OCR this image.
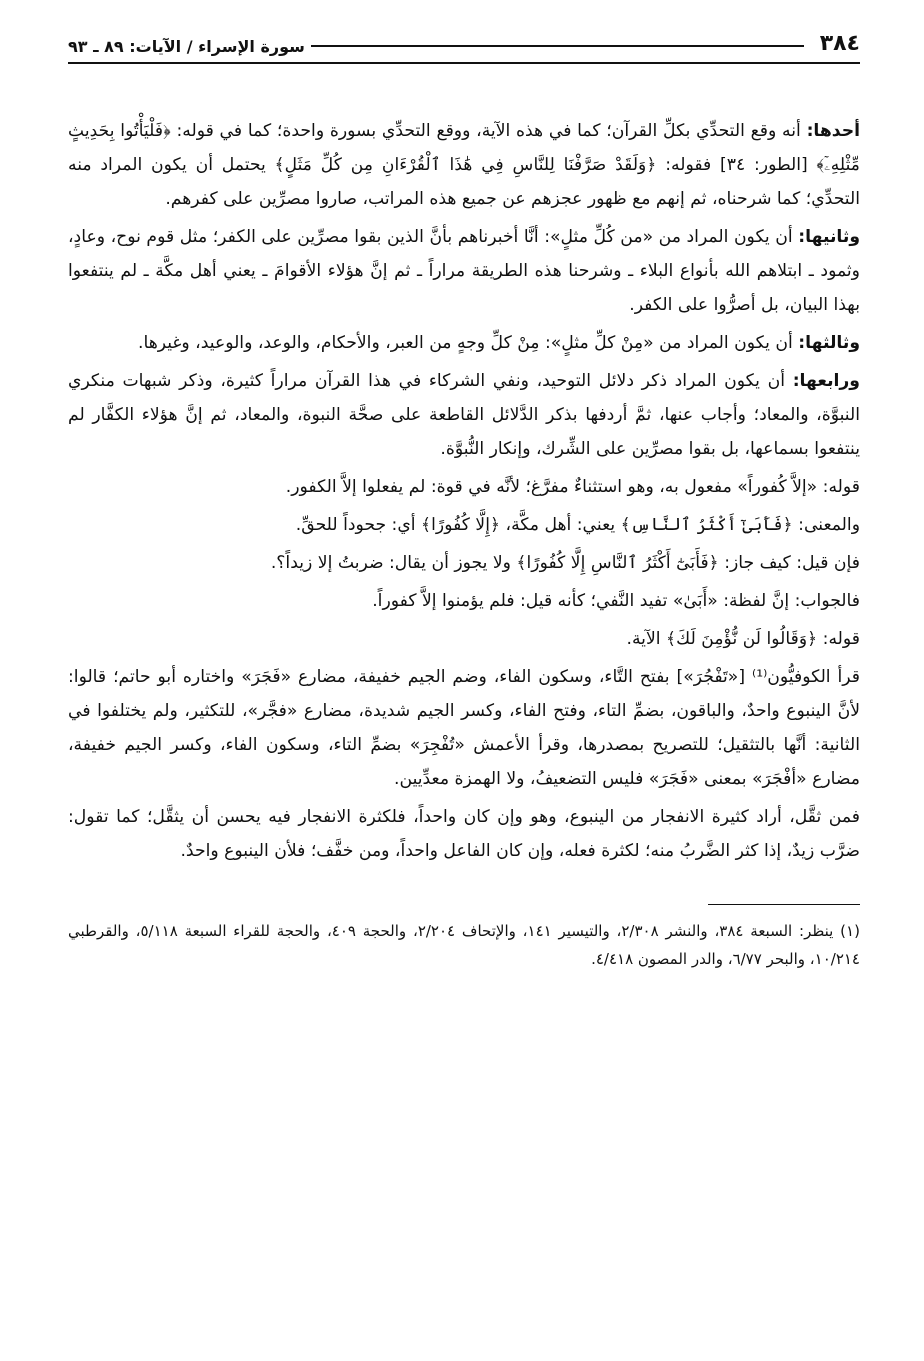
٣٨٤
سورة الإسراء / الآيات: ٨٩ ـ ٩٣

أحدها: أنه وقع التحدِّي بكلِّ القرآن؛ كما في هذه الآية، ووقع التحدِّي بسورة واحدة؛ كما في قوله: ﴿فَلْيَأْتُوا بِحَدِيثٍ مِّثْلِهِۦٓ﴾ [الطور: ٣٤] فقوله: ﴿وَلَقَدْ صَرَّفْنَا لِلنَّاسِ فِي هَٰذَا ٱلْقُرْءَانِ مِن كُلِّ مَثَلٍ﴾ يحتمل أن يكون المراد منه التحدِّي؛ كما شرحناه، ثم إنهم مع ظهور عجزهم عن جميع هذه المراتب، صاروا مصرِّين على كفرهم.

وثانيها: أن يكون المراد من «من كُلِّ مثلٍ»: أنَّا أخبرناهم بأنَّ الذين بقوا مصرِّين على الكفر؛ مثل قوم نوح، وعادٍ، وثمود ـ ابتلاهم الله بأنواع البلاء ـ وشرحنا هذه الطريقة مراراً ـ ثم إنَّ هؤلاء الأقوامَ ـ يعني أهل مكَّة ـ لم ينتفعوا بهذا البيان، بل أصرُّوا على الكفر.

وثالثها: أن يكون المراد من «مِنْ كلِّ مثلٍ»: مِنْ كلِّ وجهٍ من العبر، والأحكام، والوعد، والوعيد، وغيرها.

ورابعها: أن يكون المراد ذكر دلائل التوحيد، ونفي الشركاء في هذا القرآن مراراً كثيرة، وذكر شبهات منكري النبوَّة، والمعاد؛ وأجاب عنها، ثمَّ أردفها بذكر الدَّلائل القاطعة على صحَّة النبوة، والمعاد، ثم إنَّ هؤلاء الكفَّار لم ينتفعوا بسماعها، بل بقوا مصرِّين على الشِّرك، وإنكار النُّبوَّة.

قوله: «إلاَّ كُفوراً» مفعول به، وهو استثناءٌ مفرَّغ؛ لأنَّه في قوة: لم يفعلوا إلاَّ الكفور.

والمعنى: ﴿فَأَبَىٰٓ أَكْثَرُ ٱلنَّاسِ﴾ يعني: أهل مكَّة، ﴿إِلَّا كُفُورًا﴾ أي: جحوداً للحقِّ.

فإن قيل: كيف جاز: ﴿فَأَبَىٰٓ أَكْثَرُ ٱلنَّاسِ إِلَّا كُفُورًا﴾ ولا يجوز أن يقال: ضربتُ إلا زيداً؟.

فالجواب: إنَّ لفظة: «أَبَىٰ» تفيد النَّفي؛ كأنه قيل: فلم يؤمنوا إلاَّ كفوراً.

قوله: ﴿وَقَالُوا لَن نُّؤْمِنَ لَكَ﴾ الآية.

قرأ الكوفيُّون⁽¹⁾ [«تَفْجُرَ»] بفتح التَّاء، وسكون الفاء، وضم الجيم خفيفة، مضارع «فَجَرَ» واختاره أبو حاتم؛ قالوا: لأنَّ الينبوع واحدٌ، والباقون، بضمِّ التاء، وفتح الفاء، وكسر الجيم شديدة، مضارع «فجَّر»، للتكثير، ولم يختلفوا في الثانية: أنَّها بالتثقيل؛ للتصريح بمصدرها، وقرأ الأعمش «تُفْجِرَ» بضمِّ التاء، وسكون الفاء، وكسر الجيم خفيفة، مضارع «أفْجَرَ» بمعنى «فَجَرَ» فليس التضعيفُ، ولا الهمزة معدِّيين.

فمن ثقَّل، أراد كثيرة الانفجار من الينبوع، وهو وإن كان واحداً، فلكثرة الانفجار فيه يحسن أن يثقَّل؛ كما تقول: ضرَّب زيدٌ، إذا كثر الضَّربُ منه؛ لكثرة فعله، وإن كان الفاعل واحداً، ومن خفَّف؛ فلأن الينبوع واحدٌ.

(١) ينظر: السبعة ٣٨٤، والنشر ٢/٣٠٨، والتيسير ١٤١، والإتحاف ٢/٢٠٤، والحجة ٤٠٩، والحجة للقراء السبعة ٥/١١٨، والقرطبي ١٠/٢١٤، والبحر ٦/٧٧، والدر المصون ٤/٤١٨.
